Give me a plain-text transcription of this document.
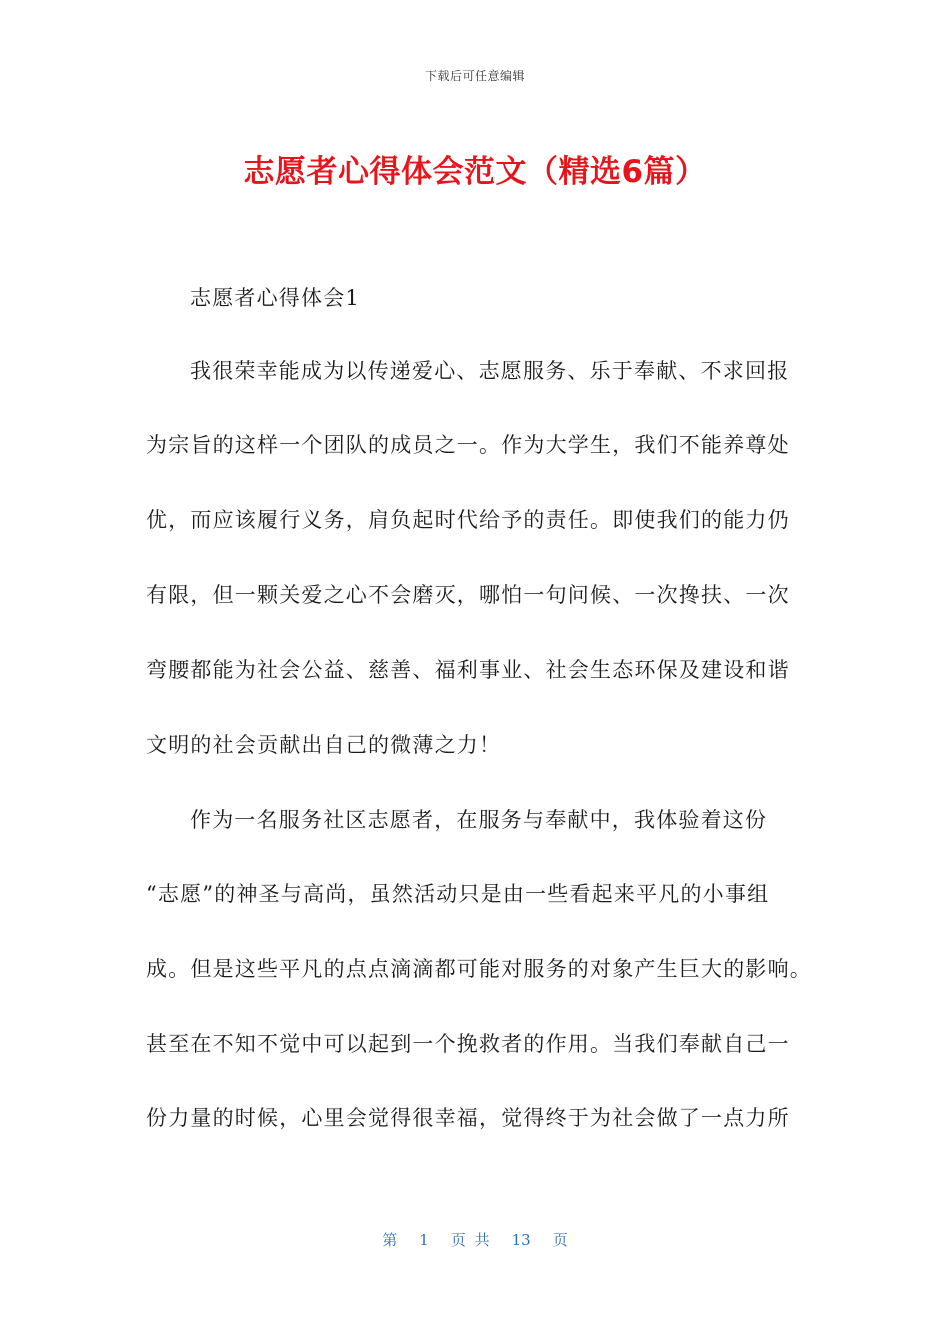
下载后可任意编辑
志愿者心得体会范文（精选6篇）
志愿者心得体会1
我很荣幸能成为以传递爱心、志愿服务、乐于奉献、不求回报
为宗旨的这样一个团队的成员之一。作为大学生，我们不能养尊处
优，而应该履行义务，肩负起时代给予的责任。即使我们的能力仍
有限，但一颗关爱之心不会磨灭，哪怕一句问候、一次搀扶、一次
弯腰都能为社会公益、慈善、福利事业、社会生态环保及建设和谐
文明的社会贡献出自己的微薄之力！
作为一名服务社区志愿者，在服务与奉献中，我体验着这份
“志愿”的神圣与高尚，虽然活动只是由一些看起来平凡的小事组
成。但是这些平凡的点点滴滴都可能对服务的对象产生巨大的影响。
甚至在不知不觉中可以起到一个挽救者的作用。当我们奉献自己一
份力量的时候，心里会觉得很幸福，觉得终于为社会做了一点力所
第 1 页 共 13 页
